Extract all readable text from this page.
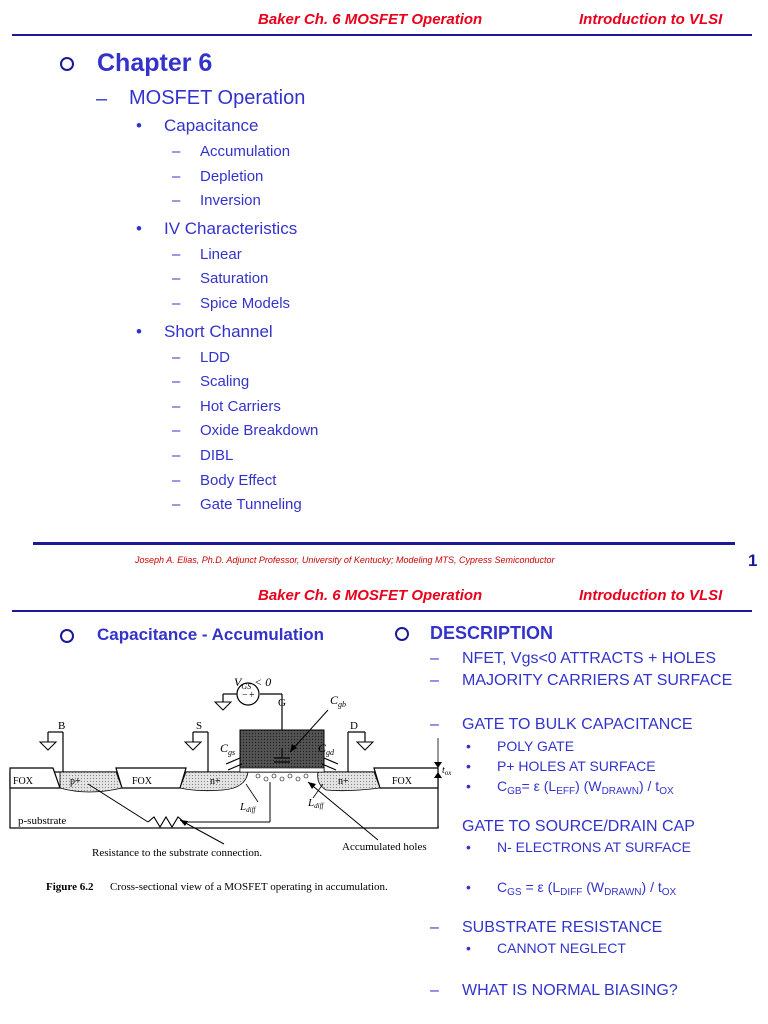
Baker Ch. 6 MOSFET Operation	Introduction to VLSI
Chapter 6
– MOSFET Operation
• Capacitance
– Accumulation
– Depletion
– Inversion
• IV Characteristics
– Linear
– Saturation
– Spice Models
• Short Channel
– LDD
– Scaling
– Hot Carriers
– Oxide Breakdown
– DIBL
– Body Effect
– Gate Tunneling
Joseph A. Elias, Ph.D. Adjunct Professor, University of Kentucky; Modeling MTS, Cypress Semiconductor	1
Baker Ch. 6 MOSFET Operation	Introduction to VLSI
Capacitance - Accumulation	DESCRIPTION
– NFET, Vgs<0 ATTRACTS + HOLES
– MAJORITY CARRIERS AT SURFACE
– GATE TO BULK CAPACITANCE
• POLY GATE
• P+ HOLES AT SURFACE
• $C_{GB}= \varepsilon$ $(L_{EFF})$ $(W_{DRAWN}) / t_{OX}$
GATE TO SOURCE/DRAIN CAP
• N- ELECTRONS AT SURFACE
• $C_{GS} = \varepsilon$ ($L_{DIFF}$ $(W_{DRAWN}) / t_{OX}$
– SUBSTRATE RESISTANCE
• CANNOT NEGLECT
– WHAT IS NORMAL BIASING?
− +
$V_{GS} < 0$
G
B	S	D
$C_{gb}$
$C_{gs}$	$C_{gd}$
FOX	FOX	FOX
p+	n+	n+
p-substrate
$t_{ox}$
Ldiff
Ldiff
Resistance to the substrate connection.	Accumulated holes
Figure 6.2 Cross-sectional view of a MOSFET operating in accumulation.
